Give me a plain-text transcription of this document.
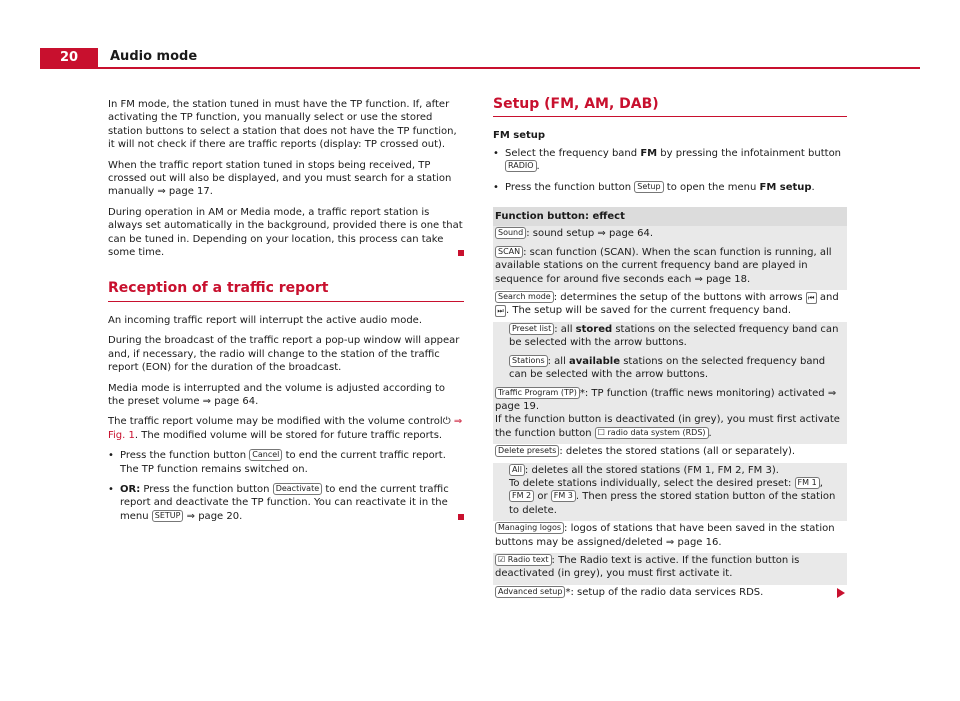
20	Audio mode

In FM mode, the station tuned in must have the TP function. If, after activating the TP function, you manually select or use the stored station buttons to select a station that does not have the TP function, it will not check if there are traffic reports (display: TP crossed out).

When the traffic report station tuned in stops being received, TP crossed out will also be displayed, and you must search for a station manually ⇒ page 17.

During operation in AM or Media mode, a traffic report station is always set automatically in the background, provided there is one that can be tuned in. Depending on your location, this process can take some time.

Reception of a traffic report

An incoming traffic report will interrupt the active audio mode.

During the broadcast of the traffic report a pop-up window will appear and, if necessary, the radio will change to the station of the traffic report (EON) for the duration of the broadcast.

Media mode is interrupted and the volume is adjusted according to the preset volume ⇒ page 64.

The traffic report volume may be modified with the volume control⏻ ⇒ Fig. 1. The modified volume will be stored for future traffic reports.

• Press the function button Cancel to end the current traffic report. The TP function remains switched on.
• OR: Press the function button Deactivate to end the current traffic report and deactivate the TP function. You can reactivate it in the menu SETUP ⇒ page 20.
Setup (FM, AM, DAB)

FM setup

• Select the frequency band FM by pressing the infotainment button RADIO .
• Press the function button Setup to open the menu FM setup.
Function button: effect
Sound : sound setup ⇒ page 64.
SCAN : scan function (SCAN). When the scan function is running, all available stations on the current frequency band are played in sequence for around five seconds each ⇒ page 18.
Search mode : determines the setup of the buttons with arrows ⏮ and ⏭ . The setup will be saved for the current frequency band.
Preset list : all stored stations on the selected frequency band can be selected with the arrow buttons.
Stations : all available stations on the selected frequency band can be selected with the arrow buttons.
Traffic Program (TP) *: TP function (traffic news monitoring) activated ⇒ page 19.
If the function button is deactivated (in grey), you must first activate the function button ☐ radio data system (RDS) .
Delete presets : deletes the stored stations (all or separately).
All : deletes all the stored stations (FM 1, FM 2, FM 3).
To delete stations individually, select the desired preset: FM 1 , FM 2 or FM 3 . Then press the stored station button of the station to delete.
Managing logos : logos of stations that have been saved in the station buttons may be assigned/deleted ⇒ page 16.
☑ Radio text : The Radio text is active. If the function button is deactivated (in grey), you must first activate it.
Advanced setup *: setup of the radio data services RDS.
